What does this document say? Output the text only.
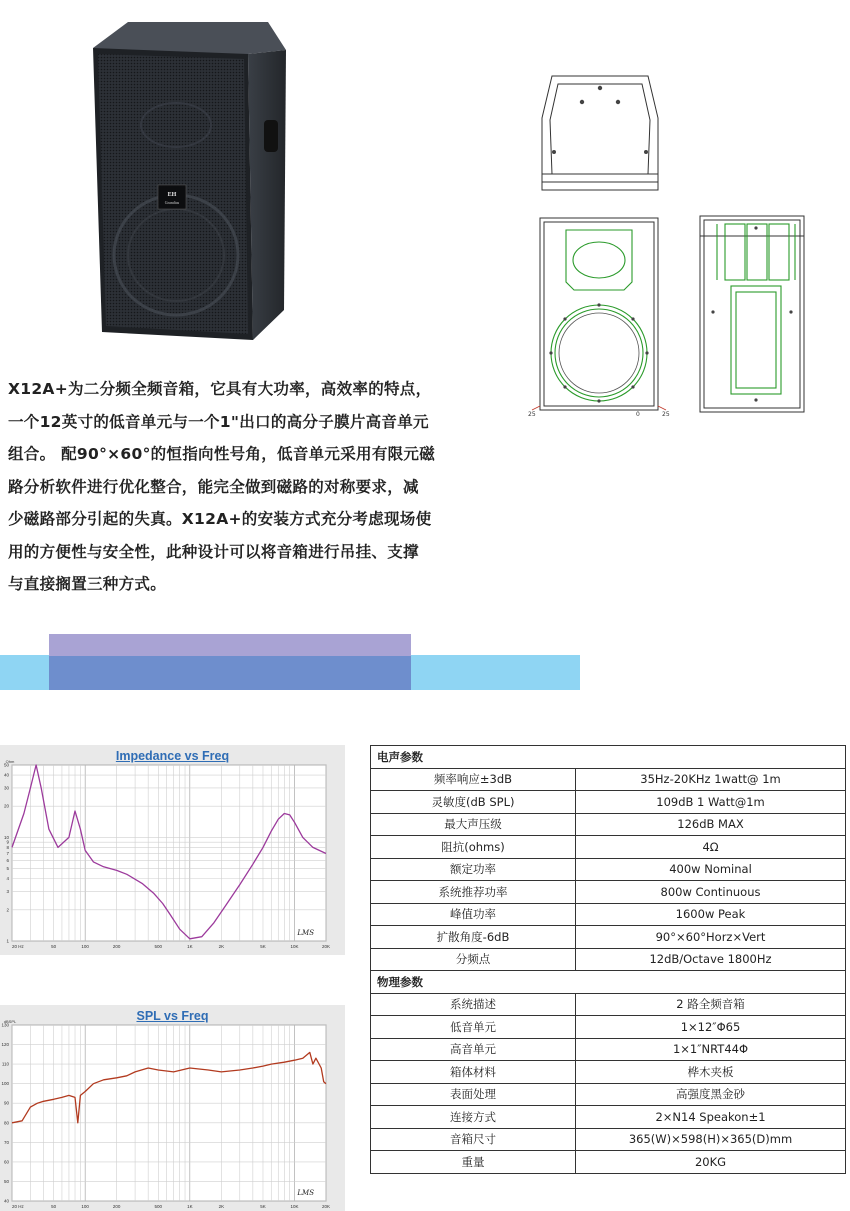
EH
Grandtas
25	0	25
X12A+为二分频全频音箱，它具有大功率，高效率的特点，
一个12英寸的低音单元与一个1"出口的高分子膜片高音单元
组合。 配90°×60°的恒指向性号角，低音单元采用有限元磁
路分析软件进行优化整合，能完全做到磁路的对称要求，减
少磁路部分引起的失真。X12A+的安装方式充分考虑现场使
用的方便性与安全性，此种设计可以将音箱进行吊挂、支撑
与直接搁置三种方式。
Impedance vs Freq
20 Hz	50	100	200	500	1K	2K	5K	10K	20K
1
2
3
4
5
6
7
8
9
10
20
30
40
50
Ohm
LMS
SPL vs Freq
20 Hz	50	100	200	500	1K	2K	5K	10K	20K
40
50
60
70
80
90
100
110
120
130
dBSPL
LMS
电声参数	
频率响应±3dB	35Hz-20KHz 1watt@ 1m
灵敏度(dB SPL)	109dB 1 Watt@1m
最大声压级	126dB MAX
阻抗(ohms)	4Ω
额定功率	400w Nominal
系统推荐功率	800w Continuous
峰值功率	1600w Peak
扩散角度-6dB	90°×60°Horz×Vert
分频点	12dB/Octave 1800Hz
物理参数	
系统描述	2 路全频音箱
低音单元	1×12″Φ65
高音单元	1×1″NRT44Φ
箱体材料	桦木夹板
表面处理	高强度黑金砂
连接方式	2×N14 Speakon±1
音箱尺寸	365(W)×598(H)×365(D)mm
重量	20KG
